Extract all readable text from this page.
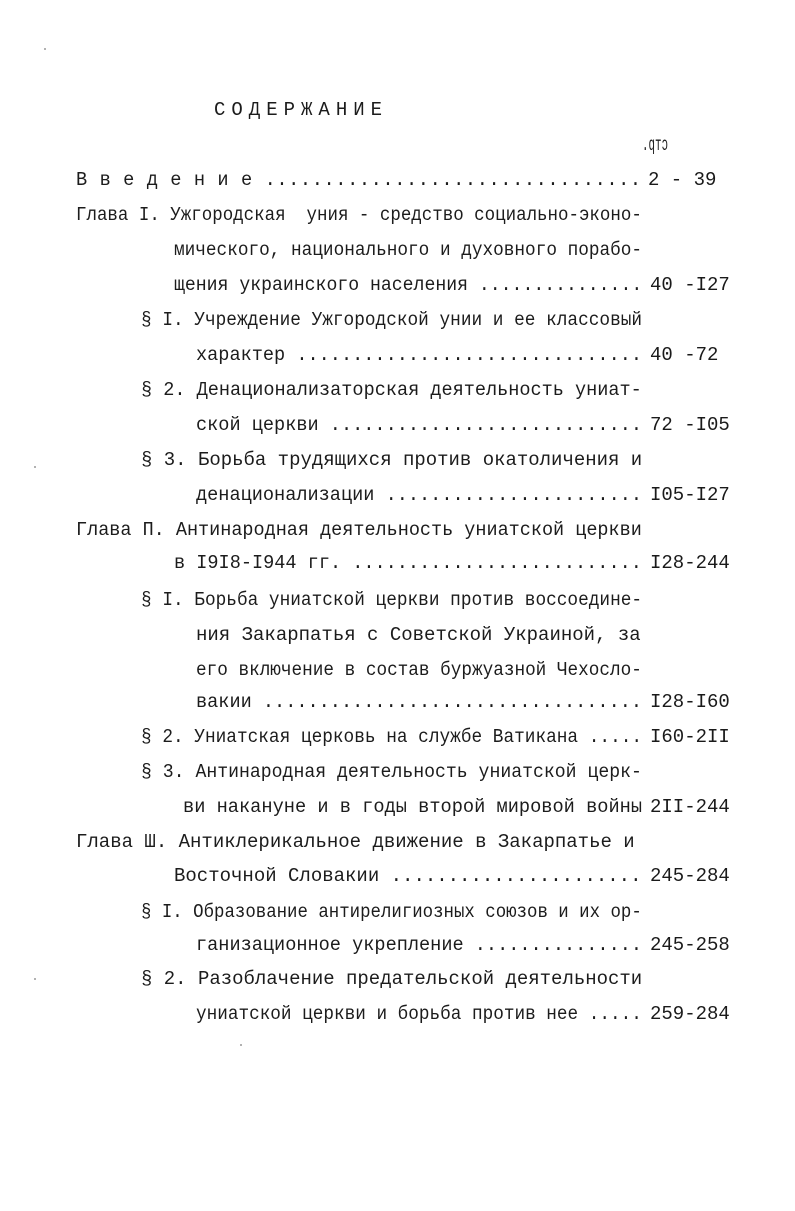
СОДЕРЖАНИЕ
стр.
В в е д е н и е ................................ 2 - 39
Глава I. Ужгородская  уния - средство социально-эконо-
мического, национального и духовного порабо-
щения украинского населения ............... 40 -I27
§ I. Учреждение Ужгородской унии и ее классовый
характер ............................... 40 -72
§ 2. Денационализаторская деятельность униат-
ской церкви ............................ 72 -I05
§ 3. Борьба трудящихся против окатоличения и
денационализации ....................... I05-I27
Глава П. Антинародная деятельность униатской церкви
в I9I8-I944 гг. .......................... I28-244
§ I. Борьба униатской церкви против воссоедине-
ния Закарпатья с Советской Украиной, за
его включение в состав буржуазной Чехосло-
вакии .................................. I28-I60
§ 2. Униатская церковь на службе Ватикана ..... I60-2II
§ 3. Антинародная деятельность униатской церк-
ви накануне и в годы второй мировой войны 2II-244
Глава Ш. Антиклерикальное движение в Закарпатье и
Восточной Словакии ...................... 245-284
§ I. Образование антирелигиозных союзов и их ор-
ганизационное укрепление ............... 245-258
§ 2. Разоблачение предательской деятельности
униатской церкви и борьба против нее ..... 259-284
